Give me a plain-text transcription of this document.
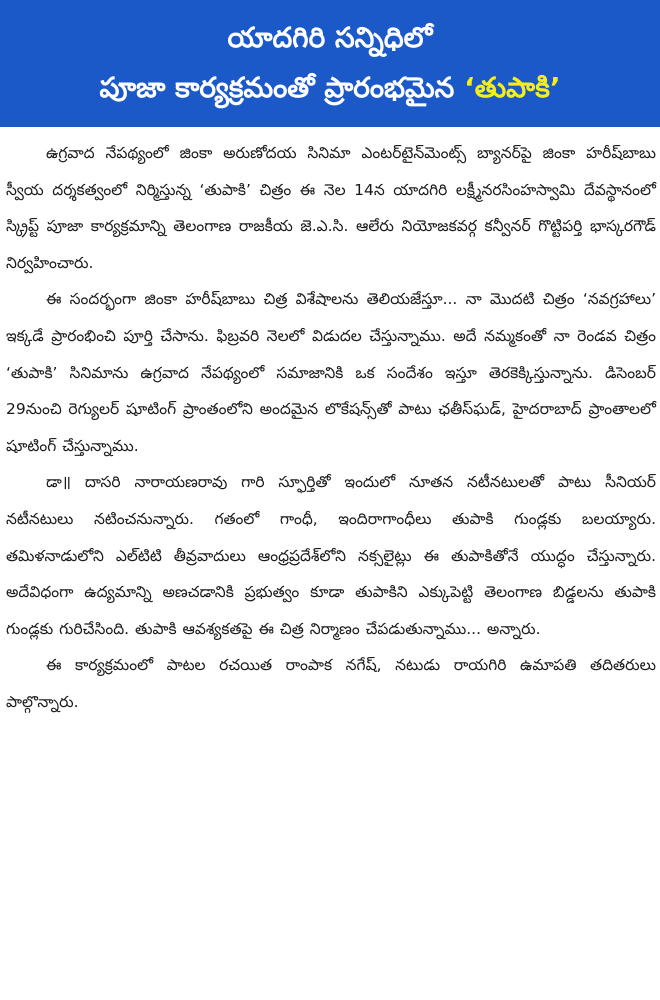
యాదగిరి సన్నిధిలో
పూజా కార్యక్రమంతో ప్రారంభమైన ‘తుపాకి’

ఉగ్రవాద నేపథ్యంలో జింకా అరుణోదయ సినిమా ఎంటర్‌టైన్‌మెంట్స్ బ్యానర్‌పై జింకా హరీష్‌బాబు స్వీయ దర్శకత్వంలో నిర్మిస్తున్న ‘తుపాకి’ చిత్రం ఈ నెల 14న యాదగిరి లక్ష్మీనరసింహస్వామి దేవస్థానంలో స్క్రిప్ట్ పూజా కార్యక్రమాన్ని తెలంగాణ రాజకీయ జె.ఎ.సి. ఆలేరు నియోజకవర్గ కన్వీనర్ గొట్టిపర్తి భాస్కరగౌడ్ నిర్వహించారు.

ఈ సందర్భంగా జింకా హరీష్‌బాబు చిత్ర విశేషాలను తెలియజేస్తూ... నా మొదటి చిత్రం ‘నవగ్రహాలు’ ఇక్కడే ప్రారంభించి పూర్తి చేసాను. ఫిబ్రవరి నెలలో విడుదల చేస్తున్నాము. అదే నమ్మకంతో నా రెండవ చిత్రం ‘తుపాకి’ సినిమాను ఉగ్రవాద నేపథ్యంలో సమాజానికి ఒక సందేశం ఇస్తూ తెరకెక్కిస్తున్నాను. డిసెంబర్ 29నుంచి రెగ్యులర్ షూటింగ్ ప్రాంతంలోని అందమైన లొకేషన్స్‌తో పాటు ఛతీస్‌ఘడ్, హైదరాబాద్ ప్రాంతాలలో షూటింగ్ చేస్తున్నాము.

డా॥ దాసరి నారాయణరావు గారి స్ఫూర్తితో ఇందులో నూతన నటీనటులతో పాటు సీనియర్ నటీనటులు నటించనున్నారు. గతంలో గాంధీ, ఇందిరాగాంధీలు తుపాకి గుండ్లకు బలయ్యారు. తమిళనాడులోని ఎల్‌టిటి తీవ్రవాదులు ఆంధ్రప్రదేశ్‌లోని నక్సలైట్లు ఈ తుపాకితోనే యుద్ధం చేస్తున్నారు. అదేవిధంగా ఉద్యమాన్ని అణచడానికి ప్రభుత్వం కూడా తుపాకిని ఎక్కుపెట్టి తెలంగాణ బిడ్డలను తుపాకి గుండ్లకు గురిచేసింది. తుపాకి ఆవశ్యకతపై ఈ చిత్ర నిర్మాణం చేపడుతున్నాము... అన్నారు.

ఈ కార్యక్రమంలో పాటల రచయిత రాంపాక నగేష్, నటుడు రాయగిరి ఉమాపతి తదితరులు పాల్గొన్నారు.
